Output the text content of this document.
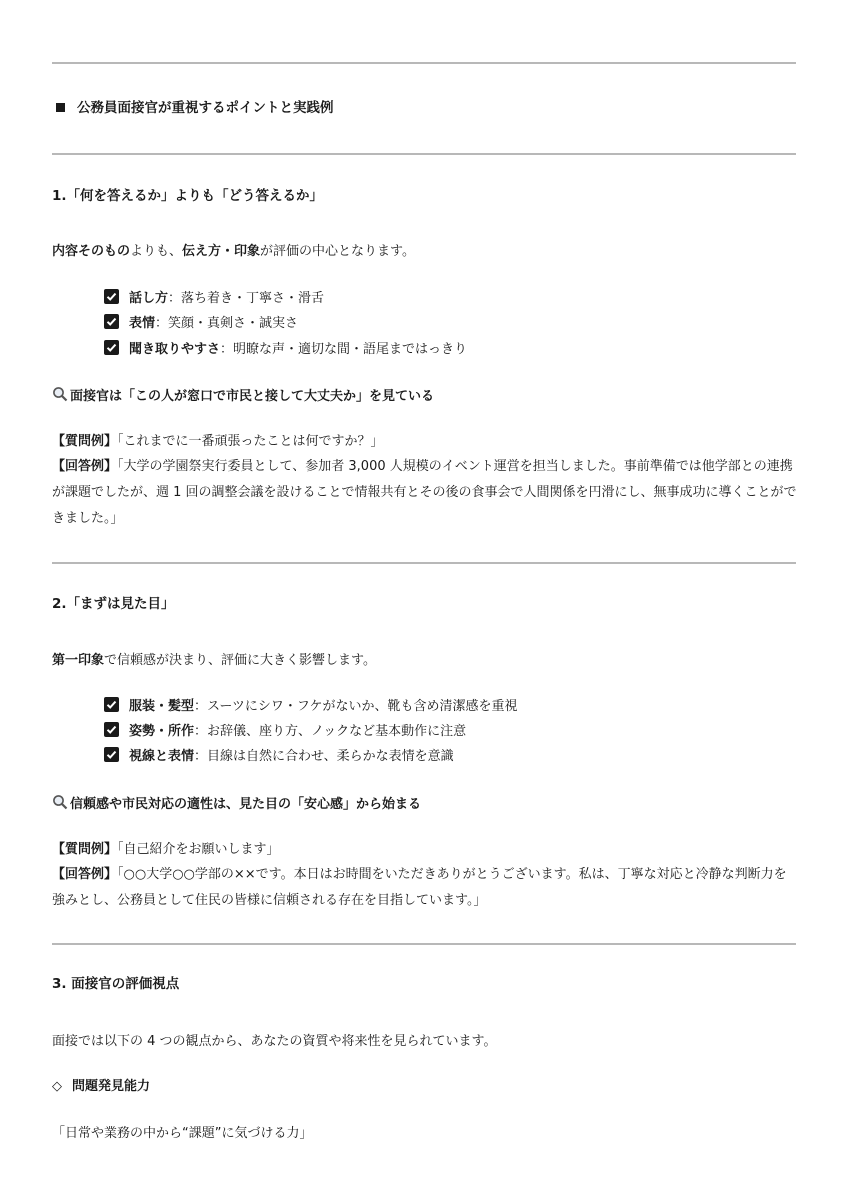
公務員面接官が重視するポイントと実践例
1.「何を答えるか」よりも「どう答えるか」
内容そのものよりも、伝え方・印象が評価の中心となります。
話し方：落ち着き・丁寧さ・滑舌
表情：笑顔・真剣さ・誠実さ
聞き取りやすさ：明瞭な声・適切な間・語尾まではっきり
面接官は「この人が窓口で市民と接して大丈夫か」を見ている
【質問例】「これまでに一番頑張ったことは何ですか？」
【回答例】「大学の学園祭実行委員として、参加者 3,000 人規模のイベント運営を担当しました。事前準備では他学部との連携が課題でしたが、週 1 回の調整会議を設けることで情報共有とその後の食事会で人間関係を円滑にし、無事成功に導くことができました。」
2.「まずは見た目」
第一印象で信頼感が決まり、評価に大きく影響します。
服装・髪型：スーツにシワ・フケがないか、靴も含め清潔感を重視
姿勢・所作：お辞儀、座り方、ノックなど基本動作に注意
視線と表情：目線は自然に合わせ、柔らかな表情を意識
信頼感や市民対応の適性は、見た目の「安心感」から始まる
【質問例】「自己紹介をお願いします」
【回答例】「○○大学○○学部の××です。本日はお時間をいただきありがとうございます。私は、丁寧な対応と冷静な判断力を強みとし、公務員として住民の皆様に信頼される存在を目指しています。」
3. 面接官の評価視点
面接では以下の 4 つの観点から、あなたの資質や将来性を見られています。
◇ 問題発見能力
「日常や業務の中から“課題”に気づける力」
